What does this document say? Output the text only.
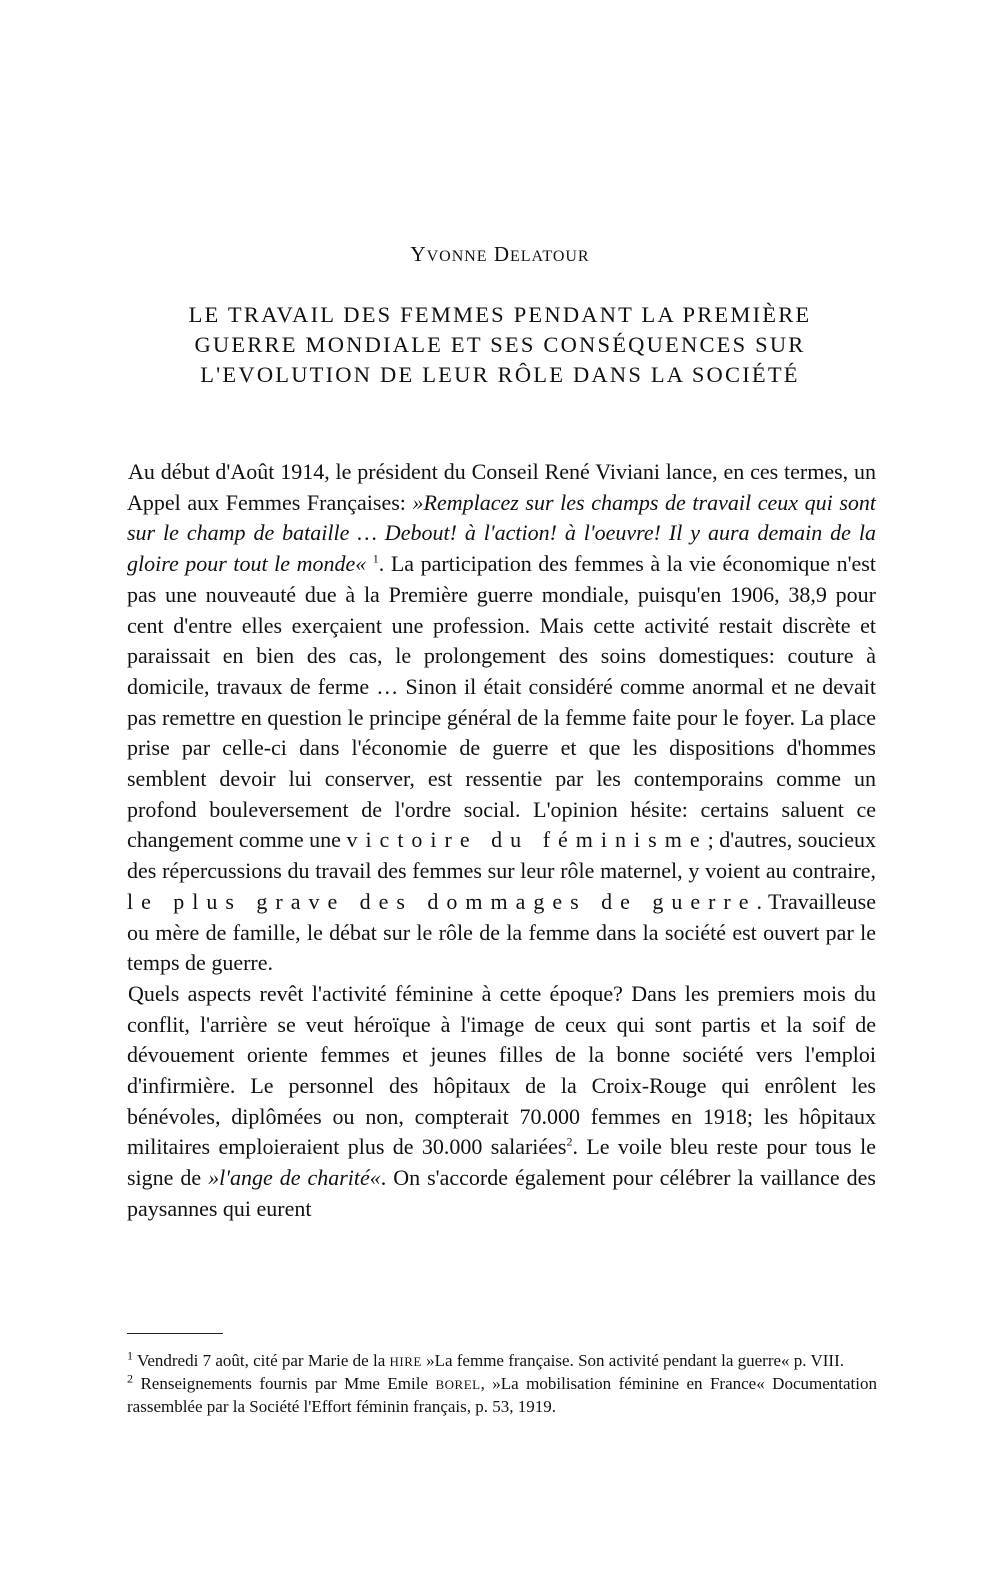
YVONNE DELATOUR
LE TRAVAIL DES FEMMES PENDANT LA PREMIÈRE
GUERRE MONDIALE ET SES CONSÉQUENCES SUR
L'EVOLUTION DE LEUR RÔLE DANS LA SOCIÉTÉ

Au début d'Août 1914, le président du Conseil René Viviani lance, en ces termes, un Appel aux Femmes Françaises: »Remplacez sur les champs de travail ceux qui sont sur le champ de bataille … Debout! à l'action! à l'oeuvre! Il y aura demain de la gloire pour tout le monde« $^1$. La participation des femmes à la vie économique n'est pas une nouveauté due à la Première guerre mondiale, puisqu'en 1906, 38,9 pour cent d'entre elles exerçaient une profession. Mais cette activité restait discrète et paraissait en bien des cas, le prolongement des soins domestiques: couture à domicile, travaux de ferme … Sinon il était considéré comme anormal et ne devait pas remettre en question le principe général de la femme faite pour le foyer. La place prise par celle-ci dans l'économie de guerre et que les dispositions d'hommes semblent devoir lui conserver, est ressentie par les contemporains comme un profond bouleversement de l'ordre social. L'opinion hésite: certains saluent ce changement comme une victoire du féminisme; d'autres, soucieux des répercussions du travail des femmes sur leur rôle maternel, y voient au contraire, le plus grave des dommages de guerre. Travailleuse ou mère de famille, le débat sur le rôle de la femme dans la société est ouvert par le temps de guerre.

Quels aspects revêt l'activité féminine à cette époque? Dans les premiers mois du conflit, l'arrière se veut héroïque à l'image de ceux qui sont partis et la soif de dévouement oriente femmes et jeunes filles de la bonne société vers l'emploi d'infirmière. Le personnel des hôpitaux de la Croix-Rouge qui enrôlent les bénévoles, diplômées ou non, compterait 70.000 femmes en 1918; les hôpitaux militaires emploieraient plus de 30.000 salariées$^2$. Le voile bleu reste pour tous le signe de »l'ange de charité«. On s'accorde également pour célébrer la vaillance des paysannes qui eurent

$^1$ Vendredi 7 août, cité par Marie de la HIRE »La femme française. Son activité pendant la guerre« p. VIII.

$^2$ Renseignements fournis par Mme Emile BOREL, »La mobilisation féminine en France« Documentation rassemblée par la Société l'Effort féminin français, p. 53, 1919.
